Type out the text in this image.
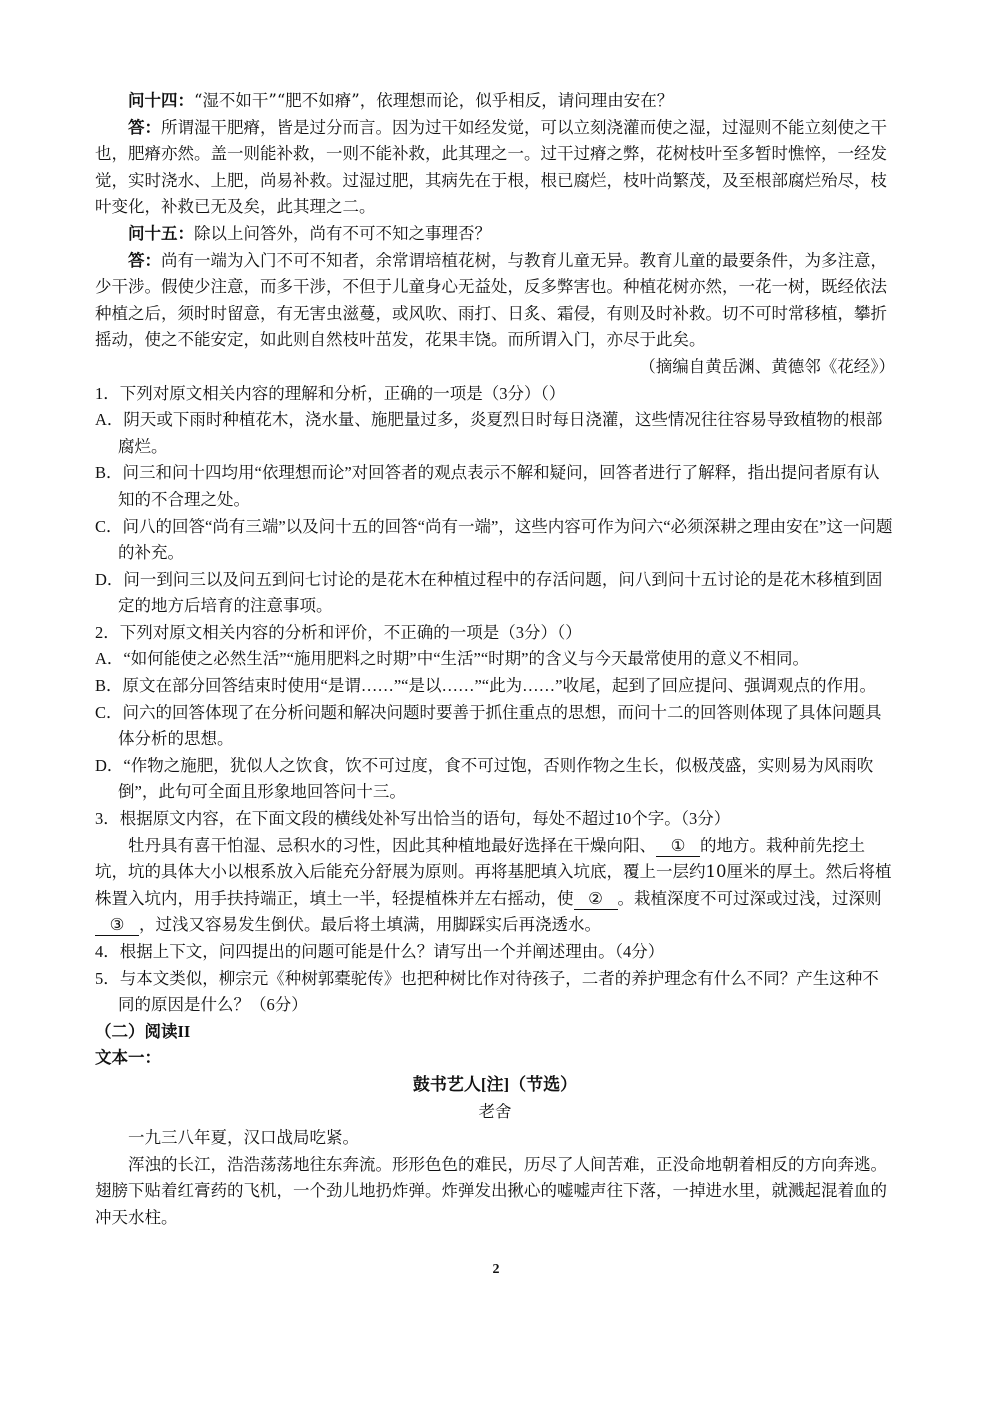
问十四：“湿不如干”“肥不如瘠”，依理想而论，似乎相反，请问理由安在？

答：所谓湿干肥瘠，皆是过分而言。因为过干如经发觉，可以立刻浇灌而使之湿，过湿则不能立刻使之干也，肥瘠亦然。盖一则能补救，一则不能补救，此其理之一。过干过瘠之弊，花树枝叶至多暂时憔悴，一经发觉，实时浇水、上肥，尚易补救。过湿过肥，其病先在于根，根已腐烂，枝叶尚繁茂，及至根部腐烂殆尽，枝叶变化，补救已无及矣，此其理之二。

问十五：除以上问答外，尚有不可不知之事理否？

答：尚有一端为入门不可不知者，余常谓培植花树，与教育儿童无异。教育儿童的最要条件，为多注意，少干涉。假使少注意，而多干涉，不但于儿童身心无益处，反多弊害也。种植花树亦然，一花一树，既经依法种植之后，须时时留意，有无害虫滋蔓，或风吹、雨打、日炙、霜侵，有则及时补救。切不可时常移植，攀折摇动，使之不能安定，如此则自然枝叶茁发，花果丰饶。而所谓入门，亦尽于此矣。

（摘编自黄岳渊、黄德邻《花经》）

1．下列对原文相关内容的理解和分析，正确的一项是（3分）（）

A．阴天或下雨时种植花木，浇水量、施肥量过多，炎夏烈日时每日浇灌，这些情况往往容易导致植物的根部腐烂。

B．问三和问十四均用“依理想而论”对回答者的观点表示不解和疑问，回答者进行了解释，指出提问者原有认知的不合理之处。

C．问八的回答“尚有三端”以及问十五的回答“尚有一端”，这些内容可作为问六“必须深耕之理由安在”这一问题的补充。

D．问一到问三以及问五到问七讨论的是花木在种植过程中的存活问题，问八到问十五讨论的是花木移植到固定的地方后培育的注意事项。

2．下列对原文相关内容的分析和评价，不正确的一项是（3分）（）

A．“如何能使之必然生活”“施用肥料之时期”中“生活”“时期”的含义与今天最常使用的意义不相同。

B．原文在部分回答结束时使用“是谓……”“是以……”“此为……”收尾，起到了回应提问、强调观点的作用。

C．问六的回答体现了在分析问题和解决问题时要善于抓住重点的思想，而问十二的回答则体现了具体问题具体分析的思想。

D．“作物之施肥，犹似人之饮食，饮不可过度，食不可过饱，否则作物之生长，似极茂盛，实则易为风雨吹倒”，此句可全面且形象地回答问十三。

3．根据原文内容，在下面文段的横线处补写出恰当的语句，每处不超过10个字。（3分）

牡丹具有喜干怕湿、忌积水的习性，因此其种植地最好选择在干燥向阳、 ① 的地方。栽种前先挖土坑，坑的具体大小以根系放入后能充分舒展为原则。再将基肥填入坑底，覆上一层约10厘米的厚土。然后将植株置入坑内，用手扶持端正，填土一半，轻提植株并左右摇动，使 ② 。栽植深度不可过深或过浅，过深则③ ，过浅又容易发生倒伏。最后将土填满，用脚踩实后再浇透水。

4．根据上下文，问四提出的问题可能是什么？请写出一个并阐述理由。（4分）

5．与本文类似，柳宗元《种树郭橐驼传》也把种树比作对待孩子，二者的养护理念有什么不同？产生这种不同的原因是什么？（6分）

（二）阅读II

文本一：

鼓书艺人[注]（节选）

老舍

一九三八年夏，汉口战局吃紧。

浑浊的长江，浩浩荡荡地往东奔流。形形色色的难民，历尽了人间苦难，正没命地朝着相反的方向奔逃。翅膀下贴着红膏药的飞机，一个劲儿地扔炸弹。炸弹发出揪心的嘘嘘声往下落，一掉进水里，就溅起混着血的冲天水柱。

2
